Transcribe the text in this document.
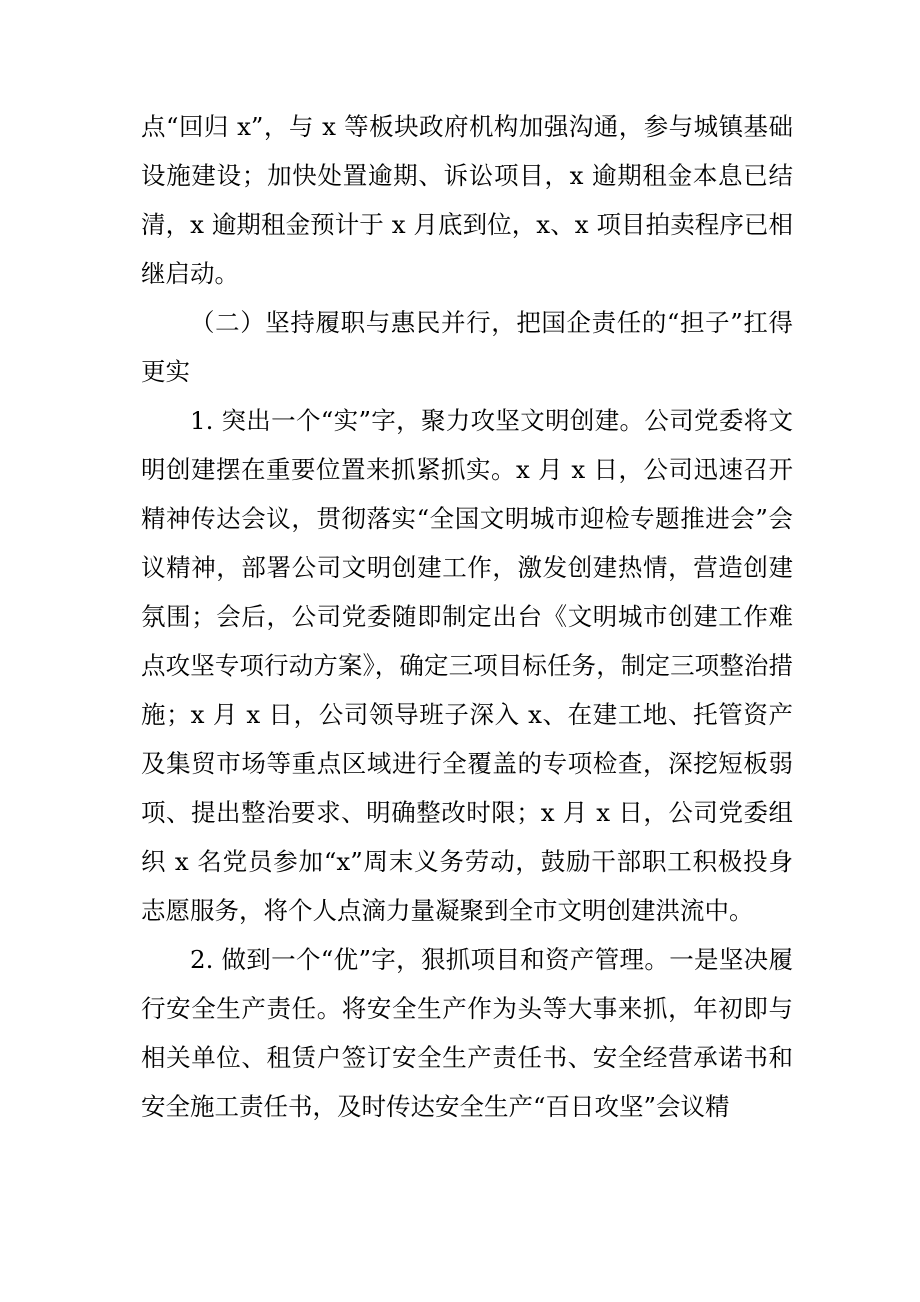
点“回归 x”，与 x 等板块政府机构加强沟通，参与城镇基础设施建设；加快处置逾期、诉讼项目，x 逾期租金本息已结清，x 逾期租金预计于 x 月底到位，x、x 项目拍卖程序已相继启动。

（二）坚持履职与惠民并行，把国企责任的“担子”扛得更实

1. 突出一个“实”字，聚力攻坚文明创建。公司党委将文明创建摆在重要位置来抓紧抓实。x 月 x 日，公司迅速召开精神传达会议，贯彻落实“全国文明城市迎检专题推进会”会议精神，部署公司文明创建工作，激发创建热情，营造创建氛围；会后，公司党委随即制定出台《文明城市创建工作难点攻坚专项行动方案》，确定三项目标任务，制定三项整治措施；x 月 x 日，公司领导班子深入 x、在建工地、托管资产及集贸市场等重点区域进行全覆盖的专项检查，深挖短板弱项、提出整治要求、明确整改时限；x 月 x 日，公司党委组织 x 名党员参加“x”周末义务劳动，鼓励干部职工积极投身志愿服务，将个人点滴力量凝聚到全市文明创建洪流中。

2. 做到一个“优”字，狠抓项目和资产管理。一是坚决履行安全生产责任。将安全生产作为头等大事来抓，年初即与相关单位、租赁户签订安全生产责任书、安全经营承诺书和安全施工责任书，及时传达安全生产“百日攻坚”会议精
